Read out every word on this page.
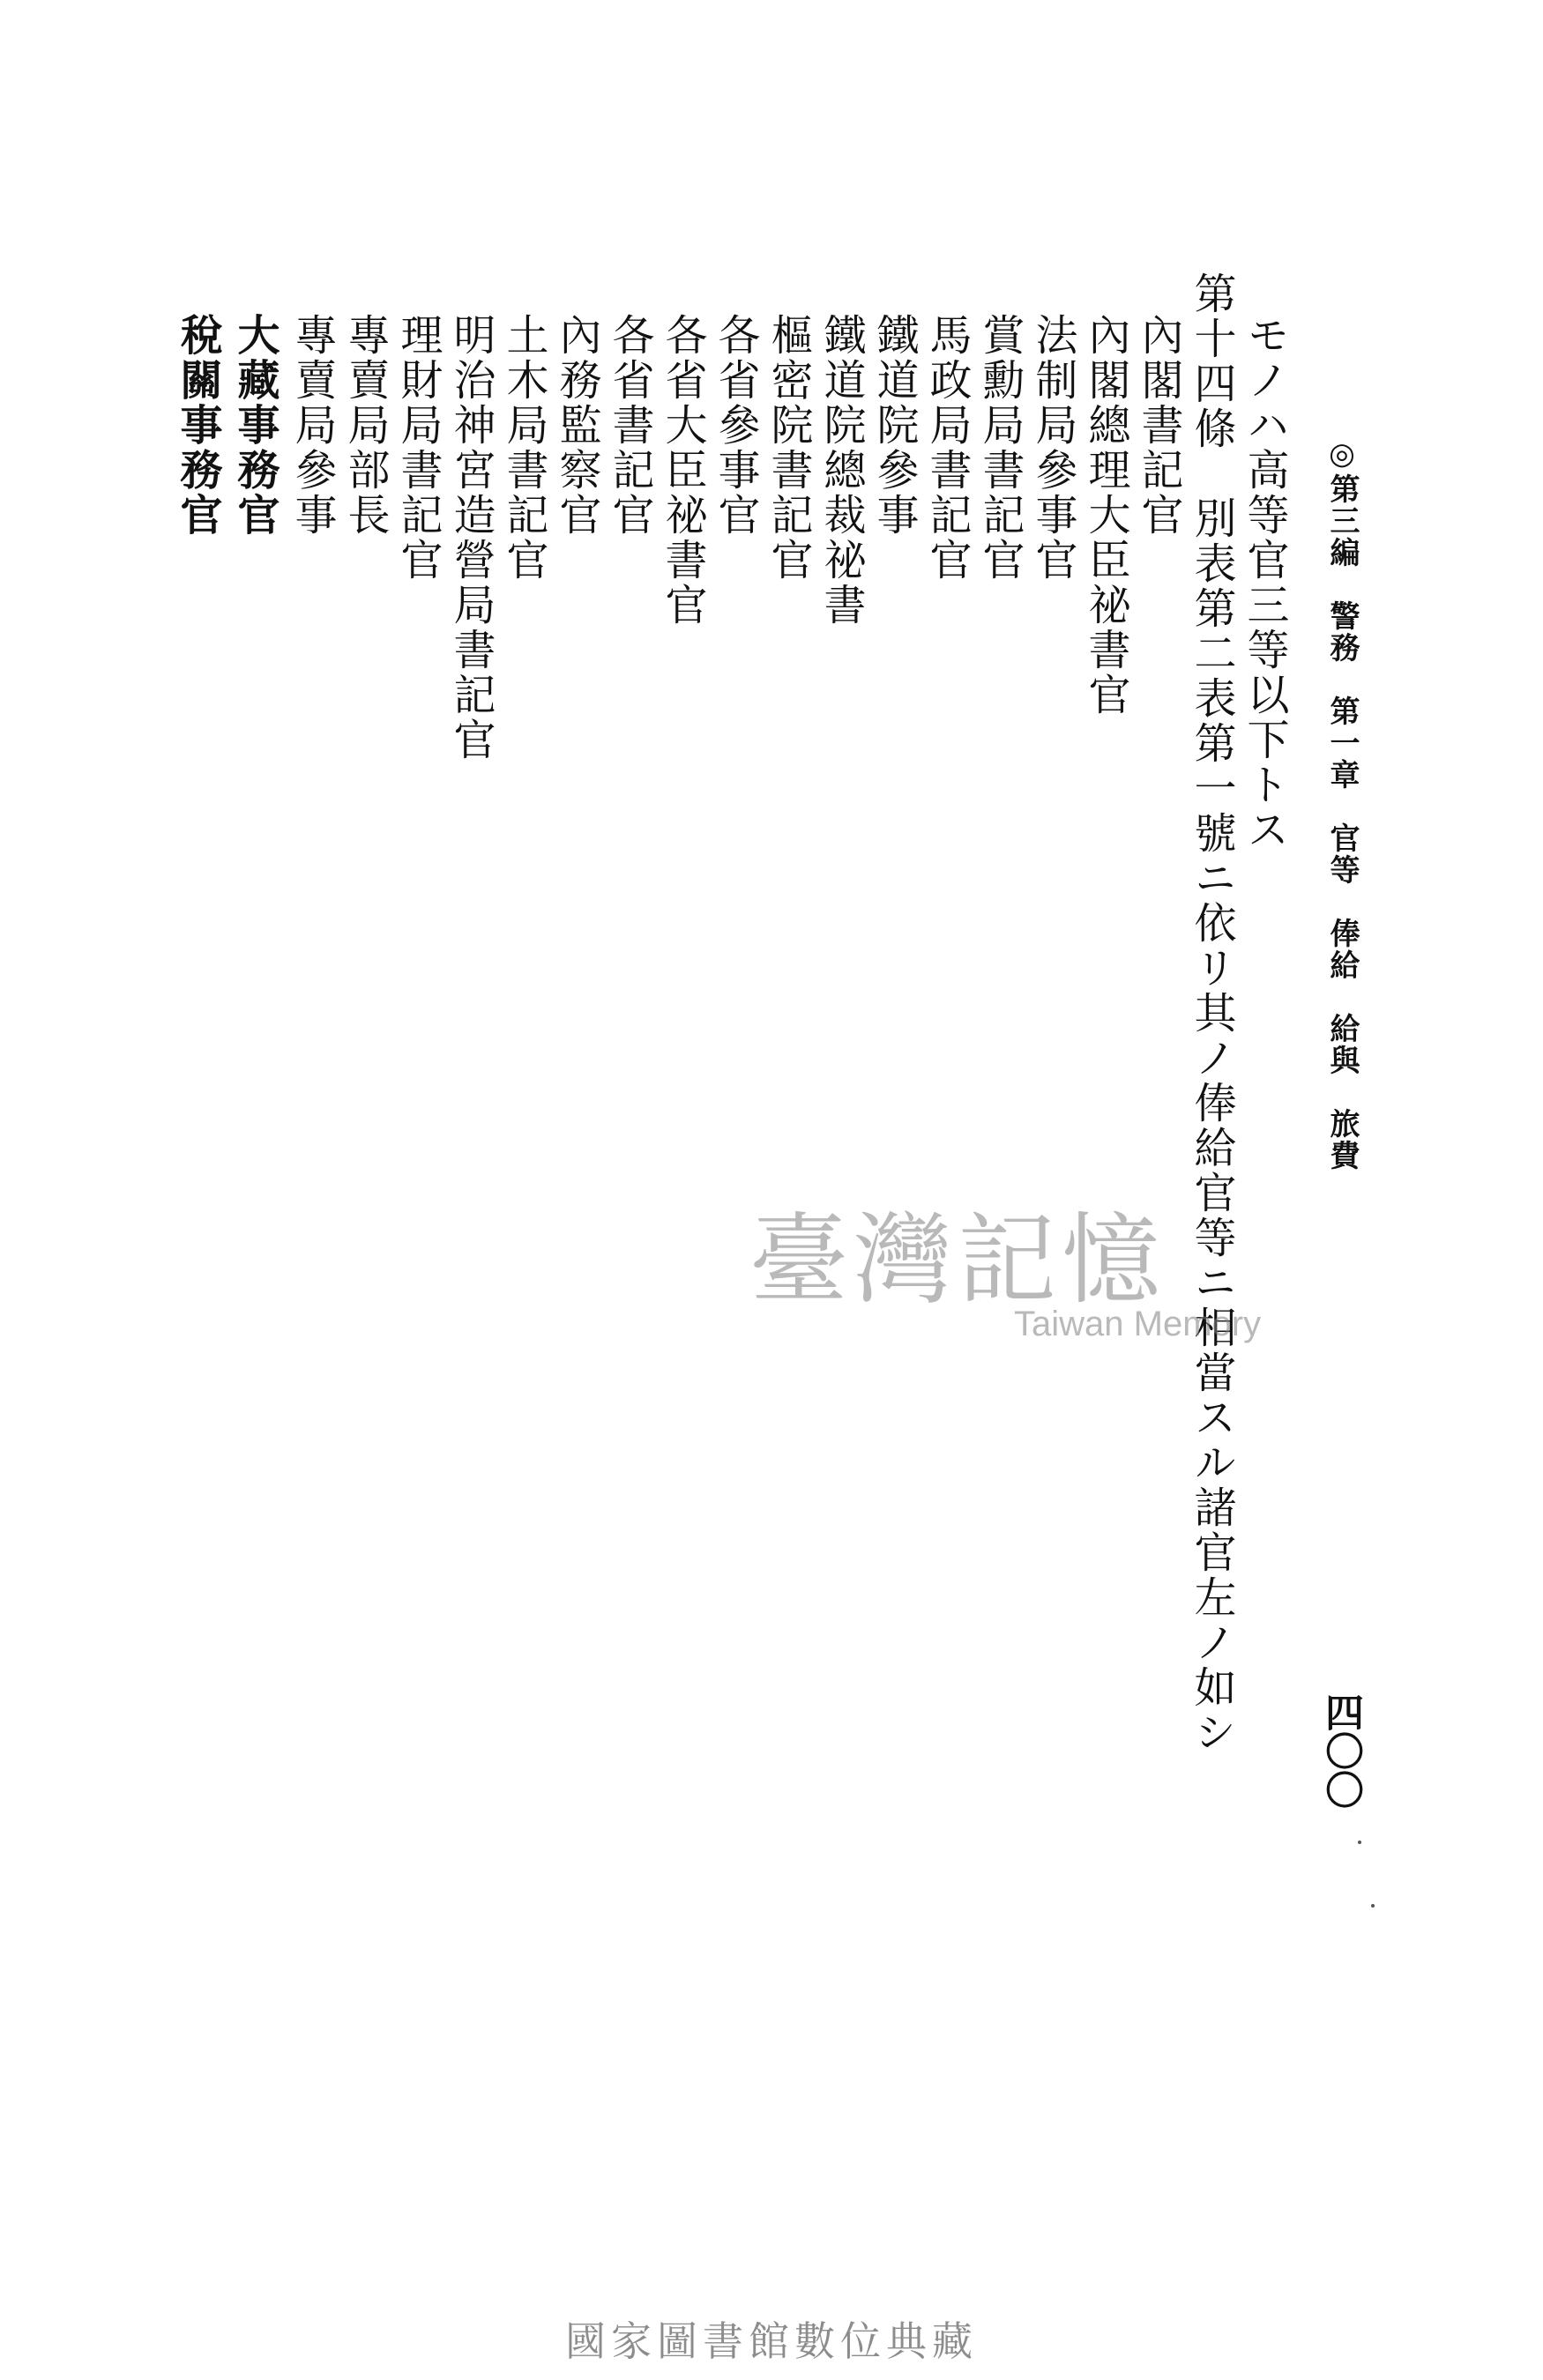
◎第三編　警務　第一章　官等　俸給　給與　旅費
四〇〇
モノハ高等官三等以下トス
第十四條　別表第二表第一號ニ依リ其ノ俸給官等ニ相當スル諸官左ノ如シ
內閣書記官
內閣總理大臣祕書官
法制局參事官
賞勳局書記官
馬政局書記官
鐵道院參事
鐵道院總裁祕書
樞密院書記官
各省參事官
各省大臣祕書官
各省書記官
內務監察官
土木局書記官
明治神宮造營局書記官
理財局書記官
專賣局部長
專賣局參事
大藏事務官
稅關事務官
臺灣記憶
Taiwan Memory
國家圖書館數位典藏
